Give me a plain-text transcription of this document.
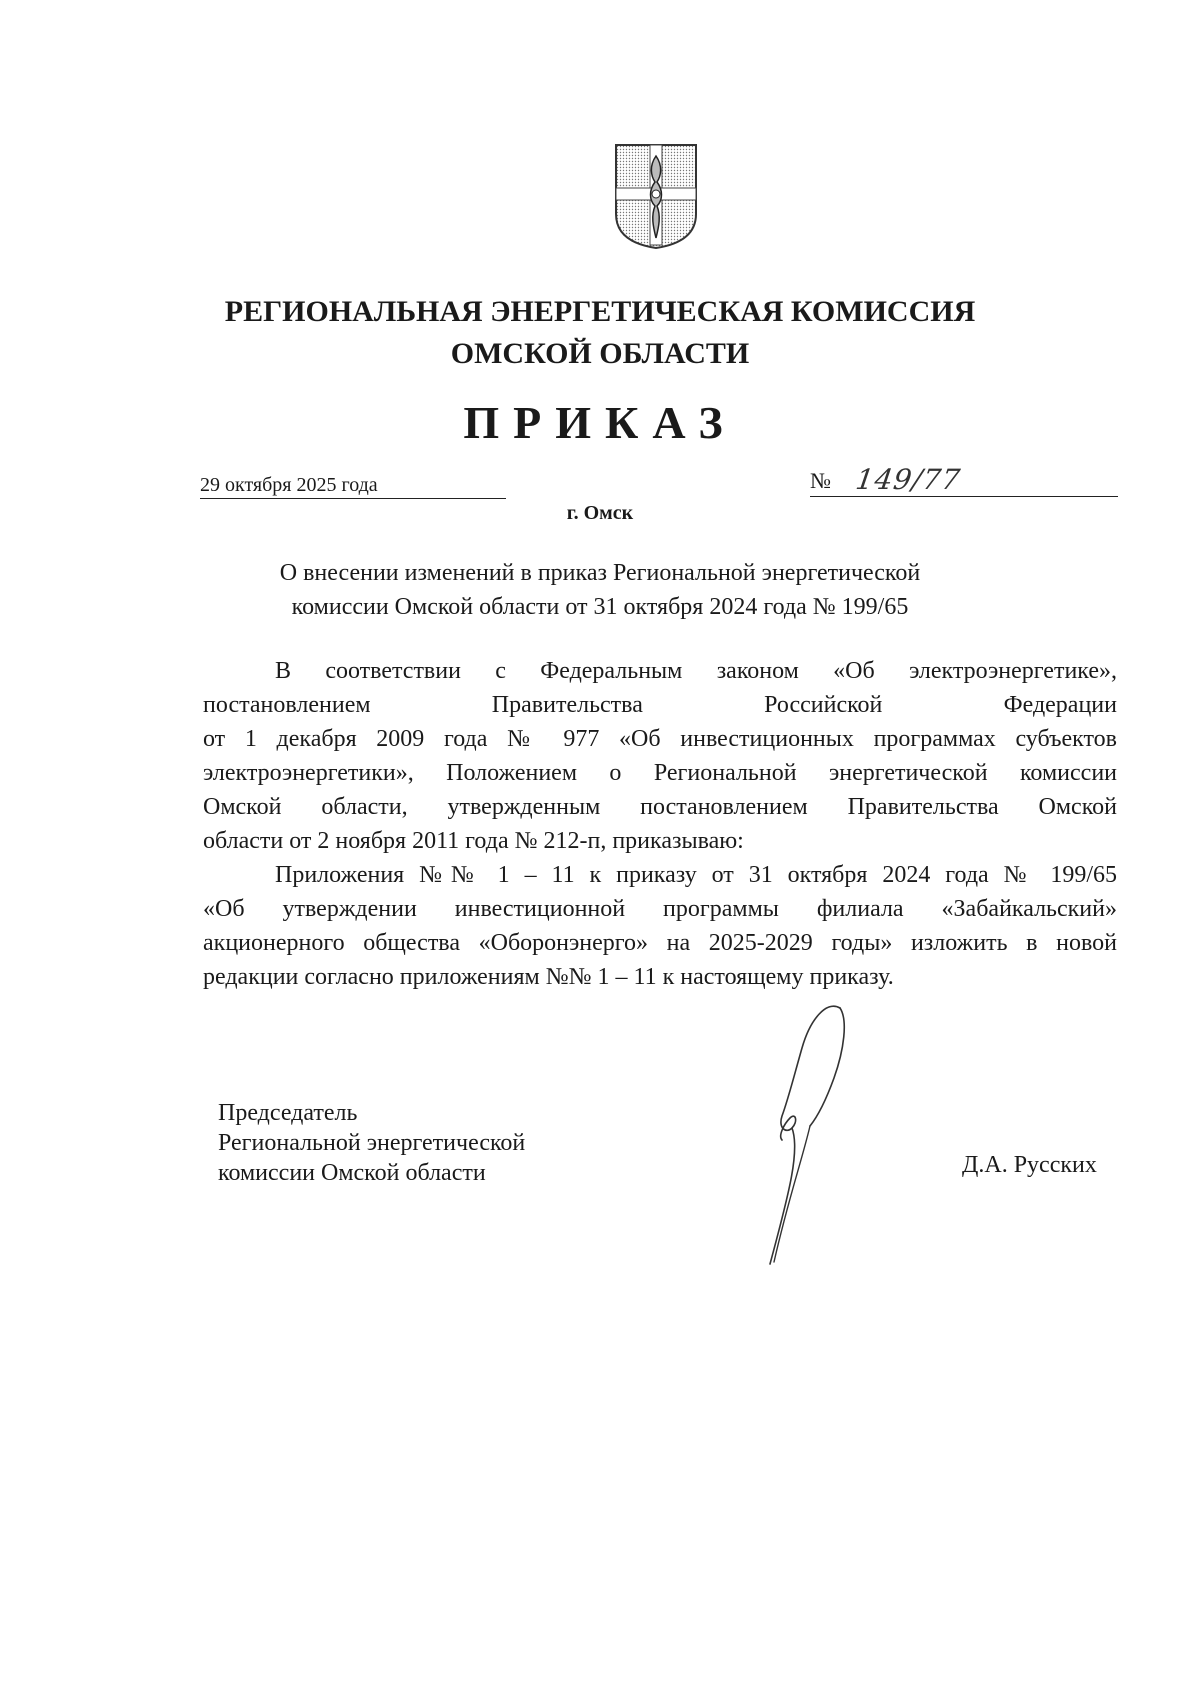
РЕГИОНАЛЬНАЯ ЭНЕРГЕТИЧЕСКАЯ КОМИССИЯ
ОМСКОЙ ОБЛАСТИ
ПРИКАЗ
29 октября 2025 года	№ 149/77
г. Омск
О внесении изменений в приказ Региональной энергетической
комиссии Омской области от 31 октября 2024 года № 199/65
В соответствии с Федеральным законом «Об электроэнергетике»,
постановлением Правительства Российской Федерации
от 1 декабря 2009 года № 977 «Об инвестиционных программах субъектов
электроэнергетики», Положением о Региональной энергетической комиссии
Омской области, утвержденным постановлением Правительства Омской
области от 2 ноября 2011 года № 212-п, приказываю:
Приложения №№ 1 – 11 к приказу от 31 октября 2024 года № 199/65
«Об утверждении инвестиционной программы филиала «Забайкальский»
акционерного общества «Оборонэнерго» на 2025-2029 годы» изложить в новой
редакции согласно приложениям №№ 1 – 11 к настоящему приказу.
Председатель
Региональной энергетической
комиссии Омской области	Д.А. Русских
